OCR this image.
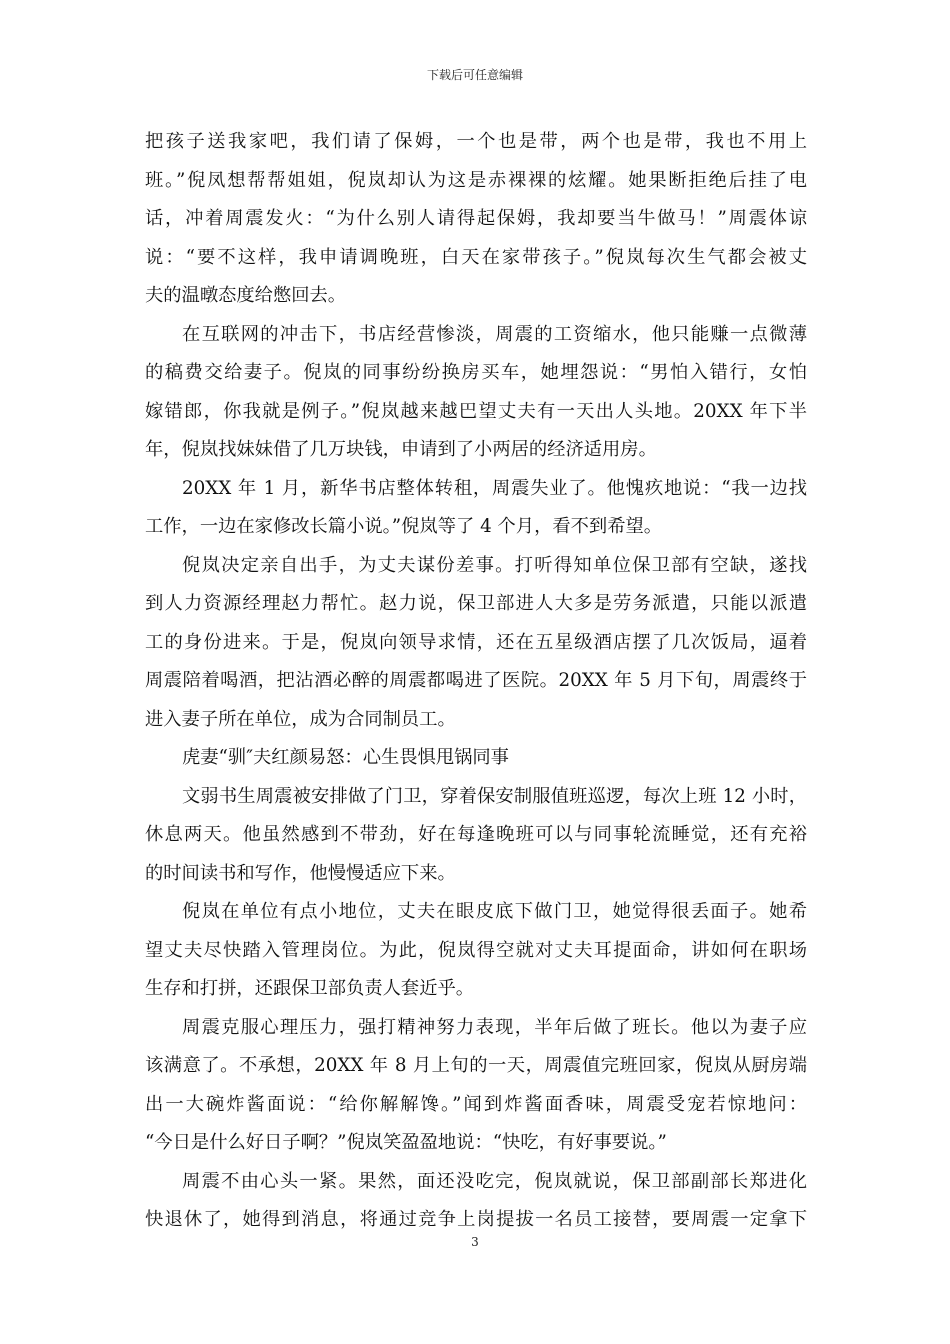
下载后可任意编辑
把孩子送我家吧，我们请了保姆，一个也是带，两个也是带，我也不用上
班。”倪凤想帮帮姐姐，倪岚却认为这是赤裸裸的炫耀。她果断拒绝后挂了电
话，冲着周震发火：“为什么别人请得起保姆，我却要当牛做马！”周震体谅
说：“要不这样，我申请调晚班，白天在家带孩子。”倪岚每次生气都会被丈
夫的温暾态度给憋回去。
在互联网的冲击下，书店经营惨淡，周震的工资缩水，他只能赚一点微薄
的稿费交给妻子。倪岚的同事纷纷换房买车，她埋怨说：“男怕入错行，女怕
嫁错郎，你我就是例子。”倪岚越来越巴望丈夫有一天出人头地。20XX 年下半
年，倪岚找妹妹借了几万块钱，申请到了小两居的经济适用房。
20XX 年 1 月，新华书店整体转租，周震失业了。他愧疚地说：“我一边找
工作，一边在家修改长篇小说。”倪岚等了 4 个月，看不到希望。
倪岚决定亲自出手，为丈夫谋份差事。打听得知单位保卫部有空缺，遂找
到人力资源经理赵力帮忙。赵力说，保卫部进人大多是劳务派遣，只能以派遣
工的身份进来。于是，倪岚向领导求情，还在五星级酒店摆了几次饭局，逼着
周震陪着喝酒，把沾酒必醉的周震都喝进了医院。20XX 年 5 月下旬，周震终于
进入妻子所在单位，成为合同制员工。
虎妻“驯″夫红颜易怒：心生畏惧甩锅同事
文弱书生周震被安排做了门卫，穿着保安制服值班巡逻，每次上班 12 小时，
休息两天。他虽然感到不带劲，好在每逢晚班可以与同事轮流睡觉，还有充裕
的时间读书和写作，他慢慢适应下来。
倪岚在单位有点小地位，丈夫在眼皮底下做门卫，她觉得很丢面子。她希
望丈夫尽快踏入管理岗位。为此，倪岚得空就对丈夫耳提面命，讲如何在职场
生存和打拼，还跟保卫部负责人套近乎。
周震克服心理压力，强打精神努力表现，半年后做了班长。他以为妻子应
该满意了。不承想，20XX 年 8 月上旬的一天，周震值完班回家，倪岚从厨房端
出一大碗炸酱面说：“给你解解馋。”闻到炸酱面香味，周震受宠若惊地问：
“今日是什么好日子啊？”倪岚笑盈盈地说：“快吃，有好事要说。”
周震不由心头一紧。果然，面还没吃完，倪岚就说，保卫部副部长郑进化
快退休了，她得到消息，将通过竞争上岗提拔一名员工接替，要周震一定拿下
3
